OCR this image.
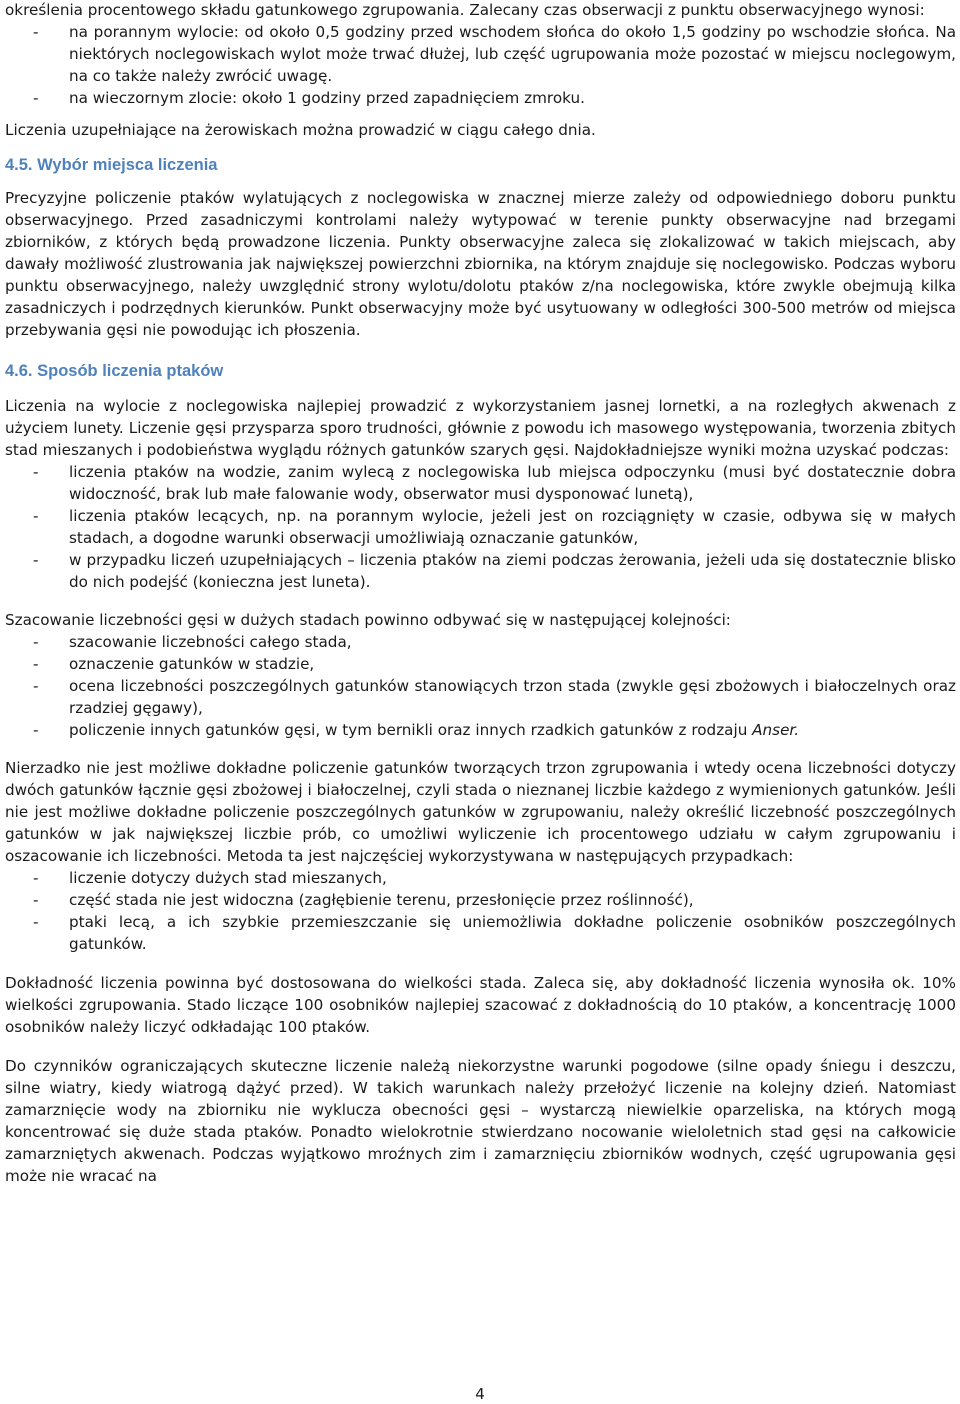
określenia procentowego składu gatunkowego zgrupowania. Zalecany czas obserwacji z punktu obserwacyjnego wynosi:

- na porannym wylocie: od około 0,5 godziny przed wschodem słońca do około 1,5 godziny po wschodzie słońca. Na niektórych noclegowiskach wylot może trwać dłużej, lub część ugrupowania może pozostać w miejscu noclegowym, na co także należy zwrócić uwagę.
- na wieczornym zlocie: około 1 godziny przed zapadnięciem zmroku.

Liczenia uzupełniające na żerowiskach można prowadzić w ciągu całego dnia.

4.5. Wybór miejsca liczenia

Precyzyjne policzenie ptaków wylatujących z noclegowiska w znacznej mierze zależy od odpowiedniego doboru punktu obserwacyjnego. Przed zasadniczymi kontrolami należy wytypować w terenie punkty obserwacyjne nad brzegami zbiorników, z których będą prowadzone liczenia. Punkty obserwacyjne zaleca się zlokalizować w takich miejscach, aby dawały możliwość zlustrowania jak największej powierzchni zbiornika, na którym znajduje się noclegowisko. Podczas wyboru punktu obserwacyjnego, należy uwzględnić strony wylotu/dolotu ptaków z/na noclegowiska, które zwykle obejmują kilka zasadniczych i podrzędnych kierunków. Punkt obserwacyjny może być usytuowany w odległości 300-500 metrów od miejsca przebywania gęsi nie powodując ich płoszenia.

4.6. Sposób liczenia ptaków

Liczenia na wylocie z noclegowiska najlepiej prowadzić z wykorzystaniem jasnej lornetki, a na rozległych akwenach z użyciem lunety. Liczenie gęsi przysparza sporo trudności, głównie z powodu ich masowego występowania, tworzenia zbitych stad mieszanych i podobieństwa wyglądu różnych gatunków szarych gęsi. Najdokładniejsze wyniki można uzyskać podczas:

- liczenia ptaków na wodzie, zanim wylecą z noclegowiska lub miejsca odpoczynku (musi być dostatecznie dobra widoczność, brak lub małe falowanie wody, obserwator musi dysponować lunetą),
- liczenia ptaków lecących, np. na porannym wylocie, jeżeli jest on rozciągnięty w czasie, odbywa się w małych stadach, a dogodne warunki obserwacji umożliwiają oznaczanie gatunków,
- w przypadku liczeń uzupełniających – liczenia ptaków na ziemi podczas żerowania, jeżeli uda się dostatecznie blisko do nich podejść (konieczna jest luneta).

Szacowanie liczebności gęsi w dużych stadach powinno odbywać się w następującej kolejności:

- szacowanie liczebności całego stada,
- oznaczenie gatunków w stadzie,
- ocena liczebności poszczególnych gatunków stanowiących trzon stada (zwykle gęsi zbożowych i białoczelnych oraz rzadziej gęgawy),
- policzenie innych gatunków gęsi, w tym bernikli oraz innych rzadkich gatunków z rodzaju Anser.

Nierzadko nie jest możliwe dokładne policzenie gatunków tworzących trzon zgrupowania i wtedy ocena liczebności dotyczy dwóch gatunków łącznie gęsi zbożowej i białoczelnej, czyli stada o nieznanej liczbie każdego z wymienionych gatunków. Jeśli nie jest możliwe dokładne policzenie poszczególnych gatunków w zgrupowaniu, należy określić liczebność poszczególnych gatunków w jak największej liczbie prób, co umożliwi wyliczenie ich procentowego udziału w całym zgrupowaniu i oszacowanie ich liczebności. Metoda ta jest najczęściej wykorzystywana w następujących przypadkach:

- liczenie dotyczy dużych stad mieszanych,
- część stada nie jest widoczna (zagłębienie terenu, przesłonięcie przez roślinność),
- ptaki lecą, a ich szybkie przemieszczanie się uniemożliwia dokładne policzenie osobników poszczególnych gatunków.

Dokładność liczenia powinna być dostosowana do wielkości stada. Zaleca się, aby dokładność liczenia wynosiła ok. 10% wielkości zgrupowania. Stado liczące 100 osobników najlepiej szacować z dokładnością do 10 ptaków, a koncentrację 1000 osobników należy liczyć odkładając 100 ptaków.

Do czynników ograniczających skuteczne liczenie należą niekorzystne warunki pogodowe (silne opady śniegu i deszczu, silne wiatry, kiedy wiatrogą dążyć przed). W takich warunkach należy przełożyć liczenie na kolejny dzień. Natomiast zamarznięcie wody na zbiorniku nie wyklucza obecności gęsi – wystarczą niewielkie oparzeliska, na których mogą koncentrować się duże stada ptaków. Ponadto wielokrotnie stwierdzano nocowanie wieloletnich stad gęsi na całkowicie zamarzniętych akwenach. Podczas wyjątkowo mroźnych zim i zamarznięciu zbiorników wodnych, część ugrupowania gęsi może nie wracać na

4
